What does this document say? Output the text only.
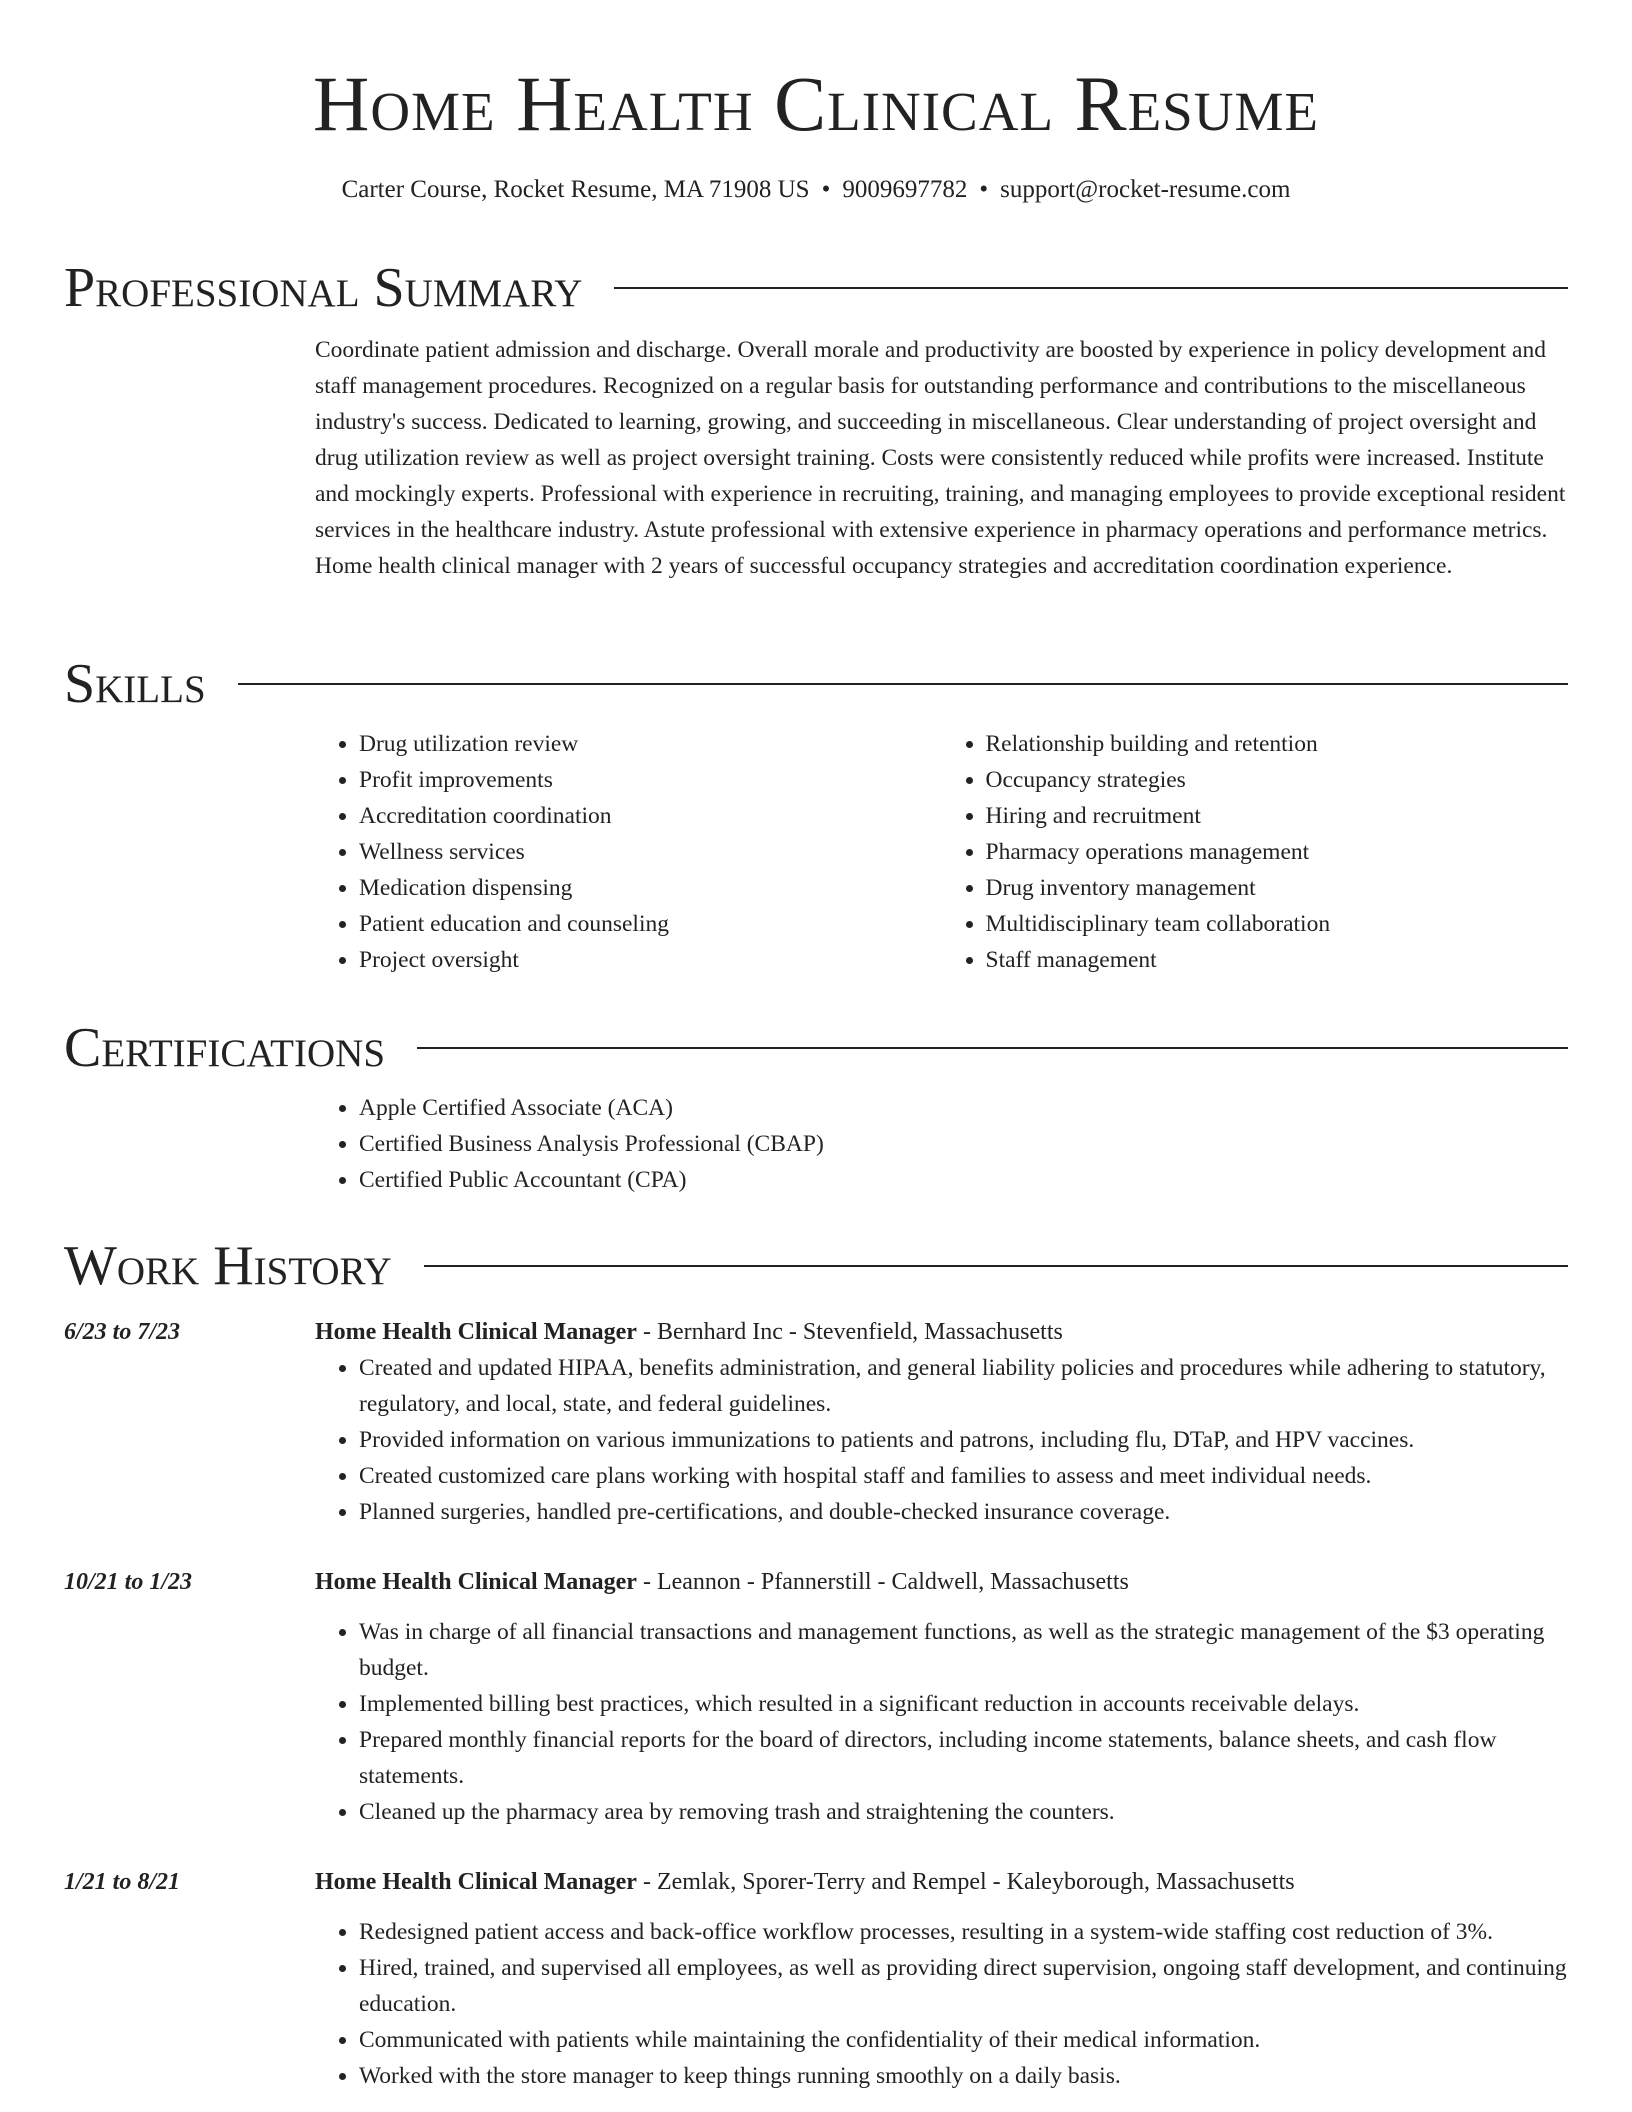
Home Health Clinical Resume
Carter Course, Rocket Resume, MA 71908 US • 9009697782 • support@rocket-resume.com
Professional Summary
Coordinate patient admission and discharge. Overall morale and productivity are boosted by experience in policy development and staff management procedures. Recognized on a regular basis for outstanding performance and contributions to the miscellaneous industry's success. Dedicated to learning, growing, and succeeding in miscellaneous. Clear understanding of project oversight and drug utilization review as well as project oversight training. Costs were consistently reduced while profits were increased. Institute and mockingly experts. Professional with experience in recruiting, training, and managing employees to provide exceptional resident services in the healthcare industry. Astute professional with extensive experience in pharmacy operations and performance metrics. Home health clinical manager with 2 years of successful occupancy strategies and accreditation coordination experience.
Skills
• Drug utilization review
• Profit improvements
• Accreditation coordination
• Wellness services
• Medication dispensing
• Patient education and counseling
• Project oversight
• Relationship building and retention
• Occupancy strategies
• Hiring and recruitment
• Pharmacy operations management
• Drug inventory management
• Multidisciplinary team collaboration
• Staff management
Certifications
• Apple Certified Associate (ACA)
• Certified Business Analysis Professional (CBAP)
• Certified Public Accountant (CPA)
Work History
6/23 to 7/23	Home Health Clinical Manager - Bernhard Inc - Stevenfield, Massachusetts
• Created and updated HIPAA, benefits administration, and general liability policies and procedures while adhering to statutory, regulatory, and local, state, and federal guidelines.
• Provided information on various immunizations to patients and patrons, including flu, DTaP, and HPV vaccines.
• Created customized care plans working with hospital staff and families to assess and meet individual needs.
• Planned surgeries, handled pre-certifications, and double-checked insurance coverage.
10/21 to 1/23	Home Health Clinical Manager - Leannon - Pfannerstill - Caldwell, Massachusetts
• Was in charge of all financial transactions and management functions, as well as the strategic management of the $3 operating budget.
• Implemented billing best practices, which resulted in a significant reduction in accounts receivable delays.
• Prepared monthly financial reports for the board of directors, including income statements, balance sheets, and cash flow statements.
• Cleaned up the pharmacy area by removing trash and straightening the counters.
1/21 to 8/21	Home Health Clinical Manager - Zemlak, Sporer-Terry and Rempel - Kaleyborough, Massachusetts
• Redesigned patient access and back-office workflow processes, resulting in a system-wide staffing cost reduction of 3%.
• Hired, trained, and supervised all employees, as well as providing direct supervision, ongoing staff development, and continuing education.
• Communicated with patients while maintaining the confidentiality of their medical information.
• Worked with the store manager to keep things running smoothly on a daily basis.
